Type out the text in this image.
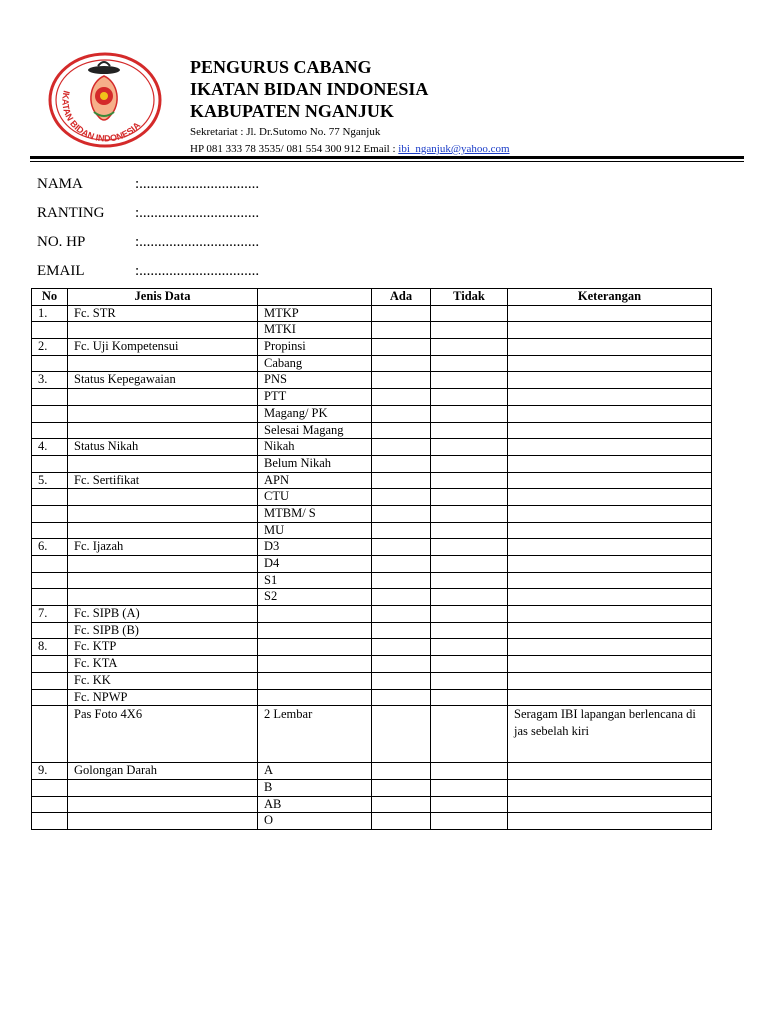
IKATAN BIDAN INDONESIA
PENGURUS CABANG
IKATAN BIDAN INDONESIA
KABUPATEN NGANJUK
Sekretariat : Jl. Dr.Sutomo No. 77 Nganjuk
HP 081 333 78 3535/ 081 554 300 912 Email : ibi_nganjuk@yahoo.com
NAMA	:................................
RANTING	:................................
NO. HP	:................................
EMAIL	:................................
No	Jenis Data		Ada	Tidak	Keterangan
1.	Fc. STR	MTKP			
		MTKI			
2.	Fc. Uji Kompetensui	Propinsi			
		Cabang			
3.	Status Kepegawaian	PNS			
		PTT			
		Magang/ PK			
		Selesai Magang			
4.	Status Nikah	Nikah			
		Belum Nikah			
5.	Fc. Sertifikat	APN			
		CTU			
		MTBM/ S			
		MU			
6.	Fc. Ijazah	D3			
		D4			
		S1			
		S2			
7.	Fc. SIPB (A)				
	Fc. SIPB (B)				
8.	Fc. KTP				
	Fc. KTA				
	Fc. KK				
	Fc. NPWP				
	Pas Foto 4X6	2 Lembar			Seragam IBI lapangan berlencana di jas sebelah kiri
9.	Golongan Darah	A			
		B			
		AB			
		O			
